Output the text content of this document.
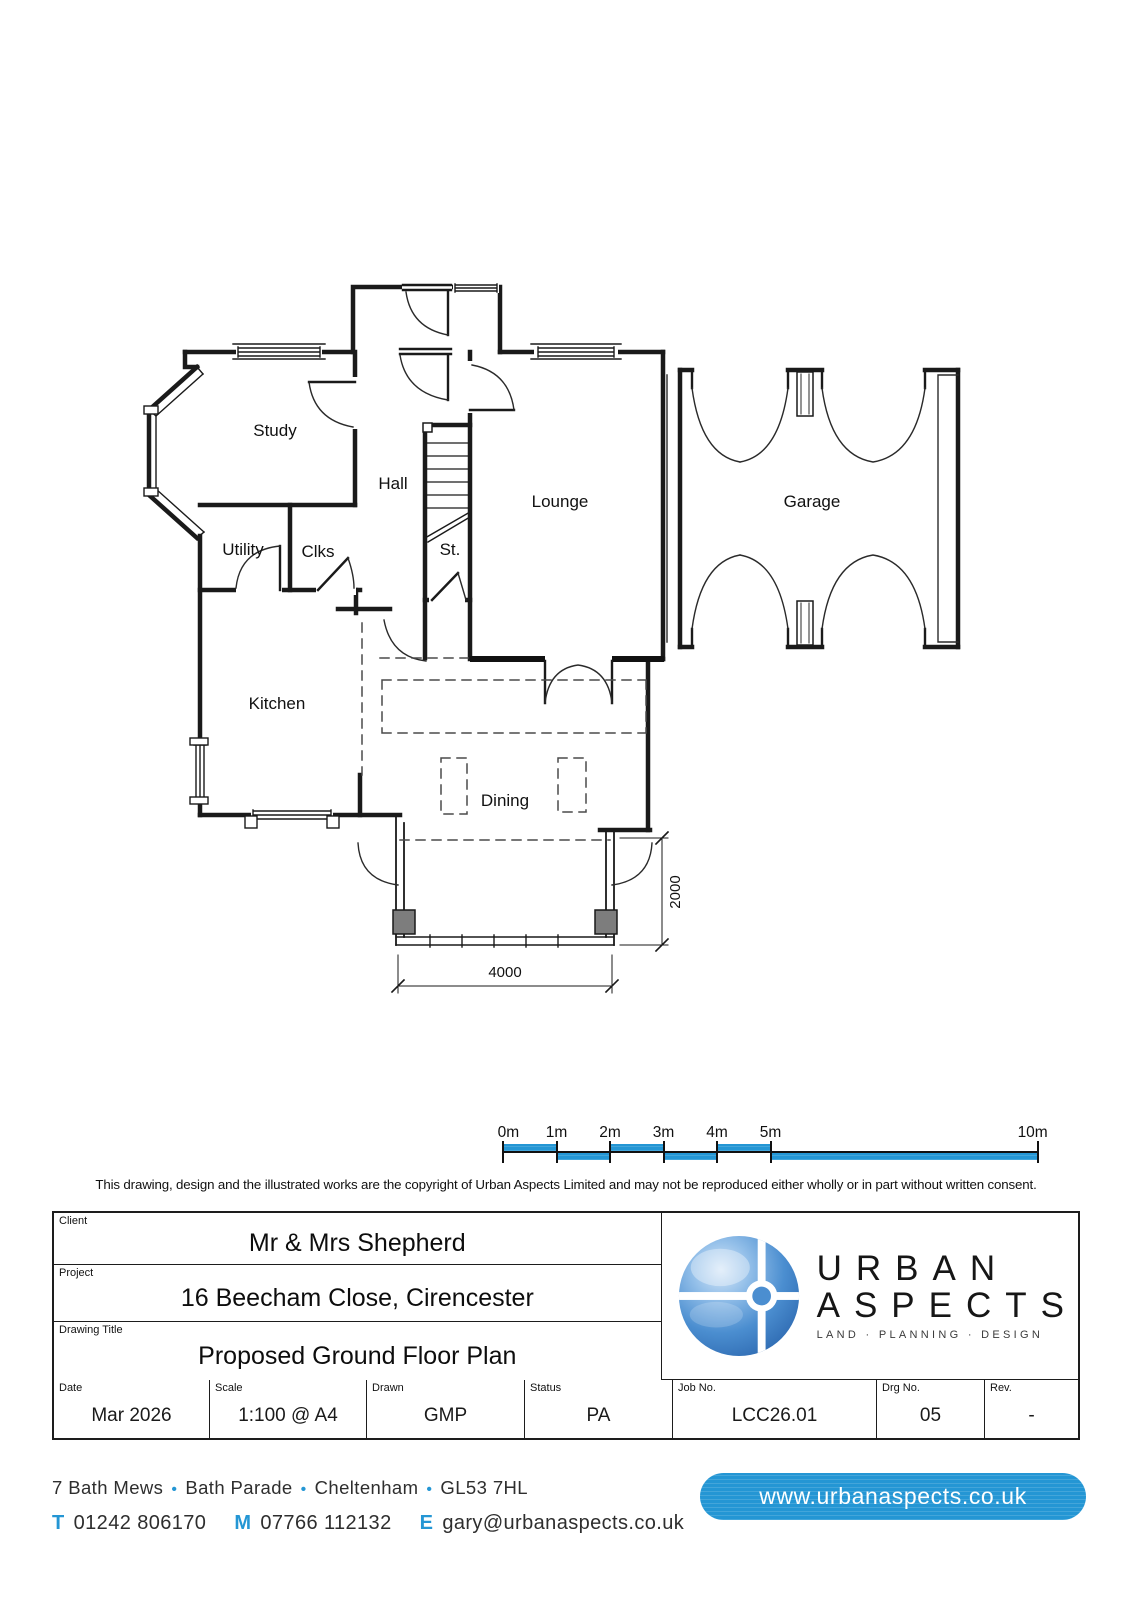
4000
2000
Study
Hall
Lounge	Garage
Utility Clks	St.
Kitchen
Dining
0m 1m 2m 3m 4m 5m	10m
This drawing, design and the illustrated works are the copyright of Urban Aspects Limited and may not be reproduced either wholly or in part without written consent.
Client
Mr & Mrs Shepherd
Project
16 Beecham Close, Cirencester
Drawing Title
Proposed Ground Floor Plan
URBAN
ASPECTS
LAND · PLANNING · DESIGN
Date
Mar 2026
Scale
1:100 @ A4
Drawn
GMP
Status
PA
Job No.
LCC26.01
Drg No.
05
Rev.
-
7 Bath Mews • Bath Parade • Cheltenham • GL53 7HL
T 01242 806170 M 07766 112132 E gary@urbanaspects.co.uk
www.urbanaspects.co.uk
